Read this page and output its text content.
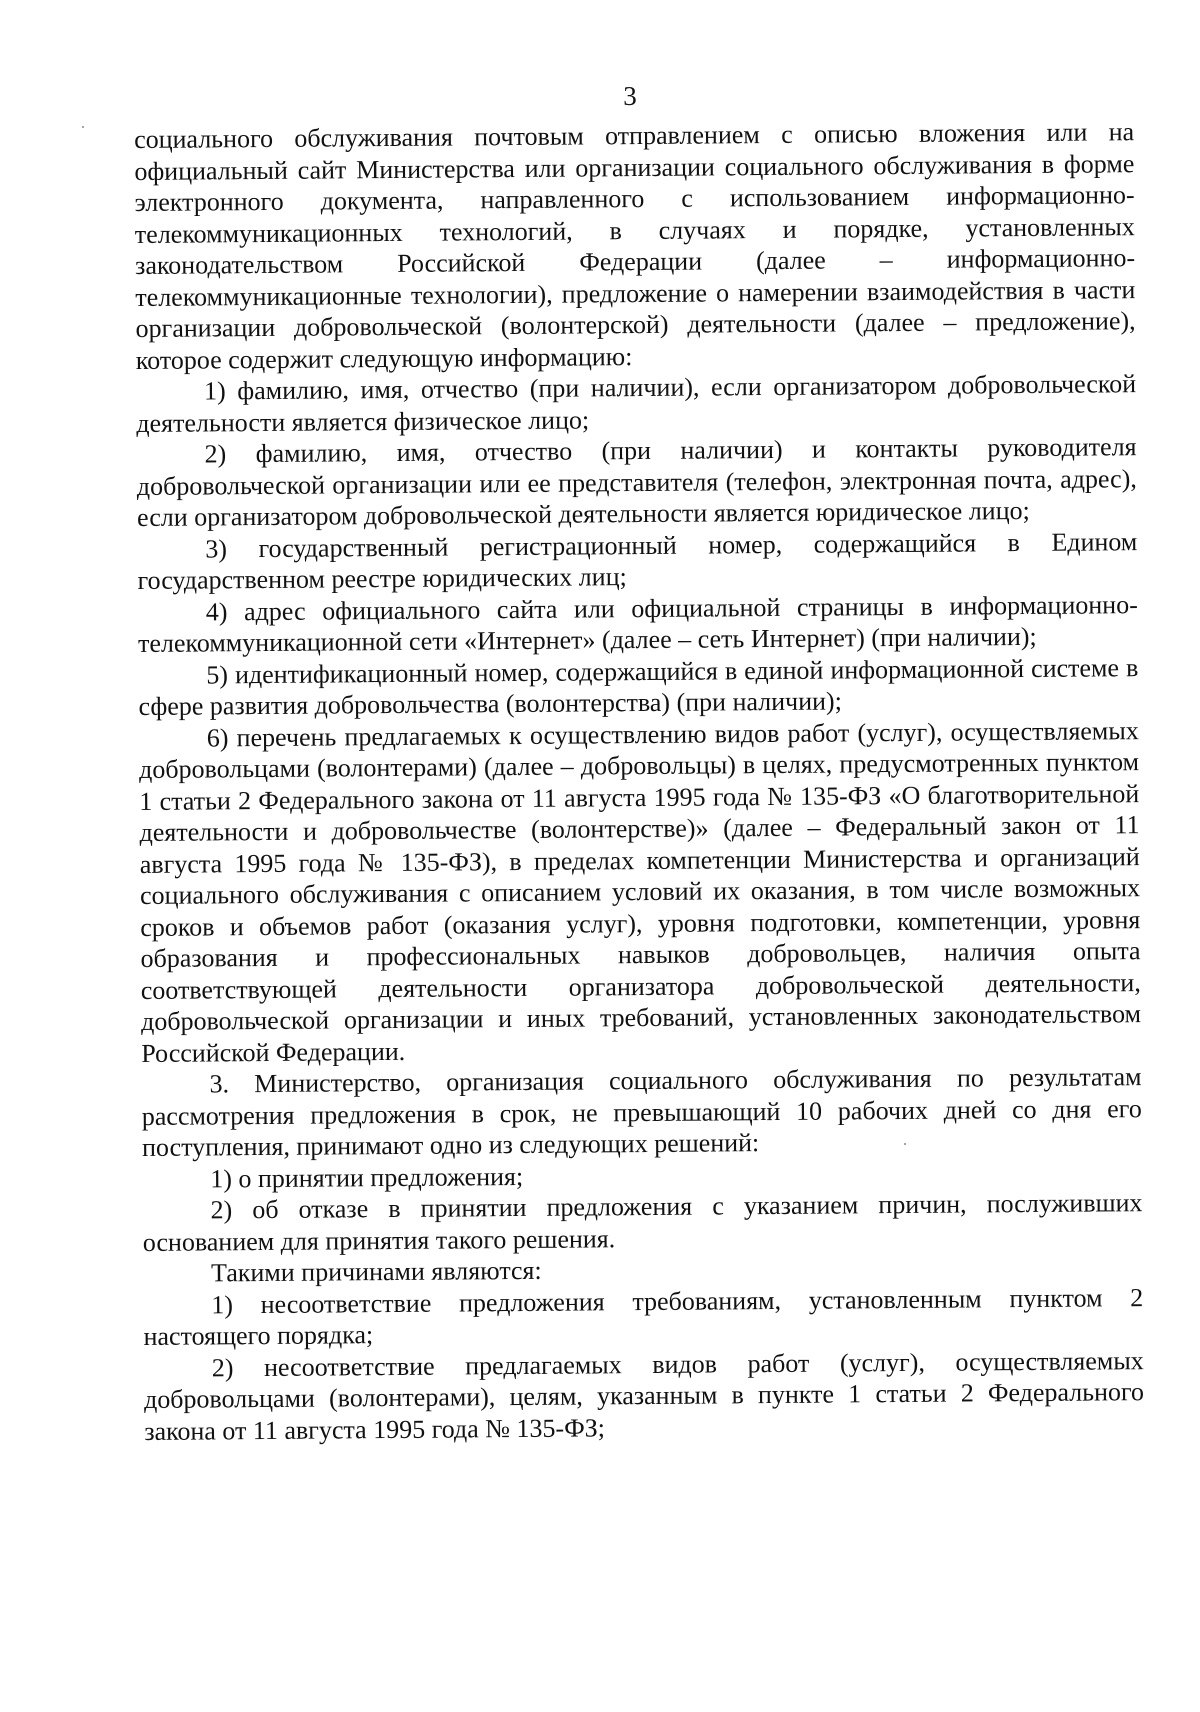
3

социального обслуживания почтовым отправлением с описью вложения или на официальный сайт Министерства или организации социального обслуживания в форме электронного документа, направленного с использованием информационно-телекоммуникационных технологий, в случаях и порядке, установленных законодательством Российской Федерации (далее – информационно-телекоммуникационные технологии), предложение о намерении взаимодействия в части организации добровольческой (волонтерской) деятельности (далее – предложение), которое содержит следующую информацию:

1) фамилию, имя, отчество (при наличии), если организатором добровольческой деятельности является физическое лицо;

2) фамилию, имя, отчество (при наличии) и контакты руководителя добровольческой организации или ее представителя (телефон, электронная почта, адрес), если организатором добровольческой деятельности является юридическое лицо;

3) государственный регистрационный номер, содержащийся в Едином государственном реестре юридических лиц;

4) адрес официального сайта или официальной страницы в информационно-телекоммуникационной сети «Интернет» (далее – сеть Интернет) (при наличии);

5) идентификационный номер, содержащийся в единой информационной системе в сфере развития добровольчества (волонтерства) (при наличии);

6) перечень предлагаемых к осуществлению видов работ (услуг), осуществляемых добровольцами (волонтерами) (далее – добровольцы) в целях, предусмотренных пунктом 1 статьи 2 Федерального закона от 11 августа 1995 года № 135-ФЗ «О благотворительной деятельности и добровольчестве (волонтерстве)» (далее – Федеральный закон от 11 августа 1995 года № 135-ФЗ), в пределах компетенции Министерства и организаций социального обслуживания с описанием условий их оказания, в том числе возможных сроков и объемов работ (оказания услуг), уровня подготовки, компетенции, уровня образования и профессиональных навыков добровольцев, наличия опыта соответствующей деятельности организатора добровольческой деятельности, добровольческой организации и иных требований, установленных законодательством Российской Федерации.

3. Министерство, организация социального обслуживания по результатам рассмотрения предложения в срок, не превышающий 10 рабочих дней со дня его поступления, принимают одно из следующих решений:

1) о принятии предложения;

2) об отказе в принятии предложения с указанием причин, послуживших основанием для принятия такого решения.

Такими причинами являются:

1) несоответствие предложения требованиям, установленным пунктом 2 настоящего порядка;

2) несоответствие предлагаемых видов работ (услуг), осуществляемых добровольцами (волонтерами), целям, указанным в пункте 1 статьи 2 Федерального закона от 11 августа 1995 года № 135-ФЗ;
